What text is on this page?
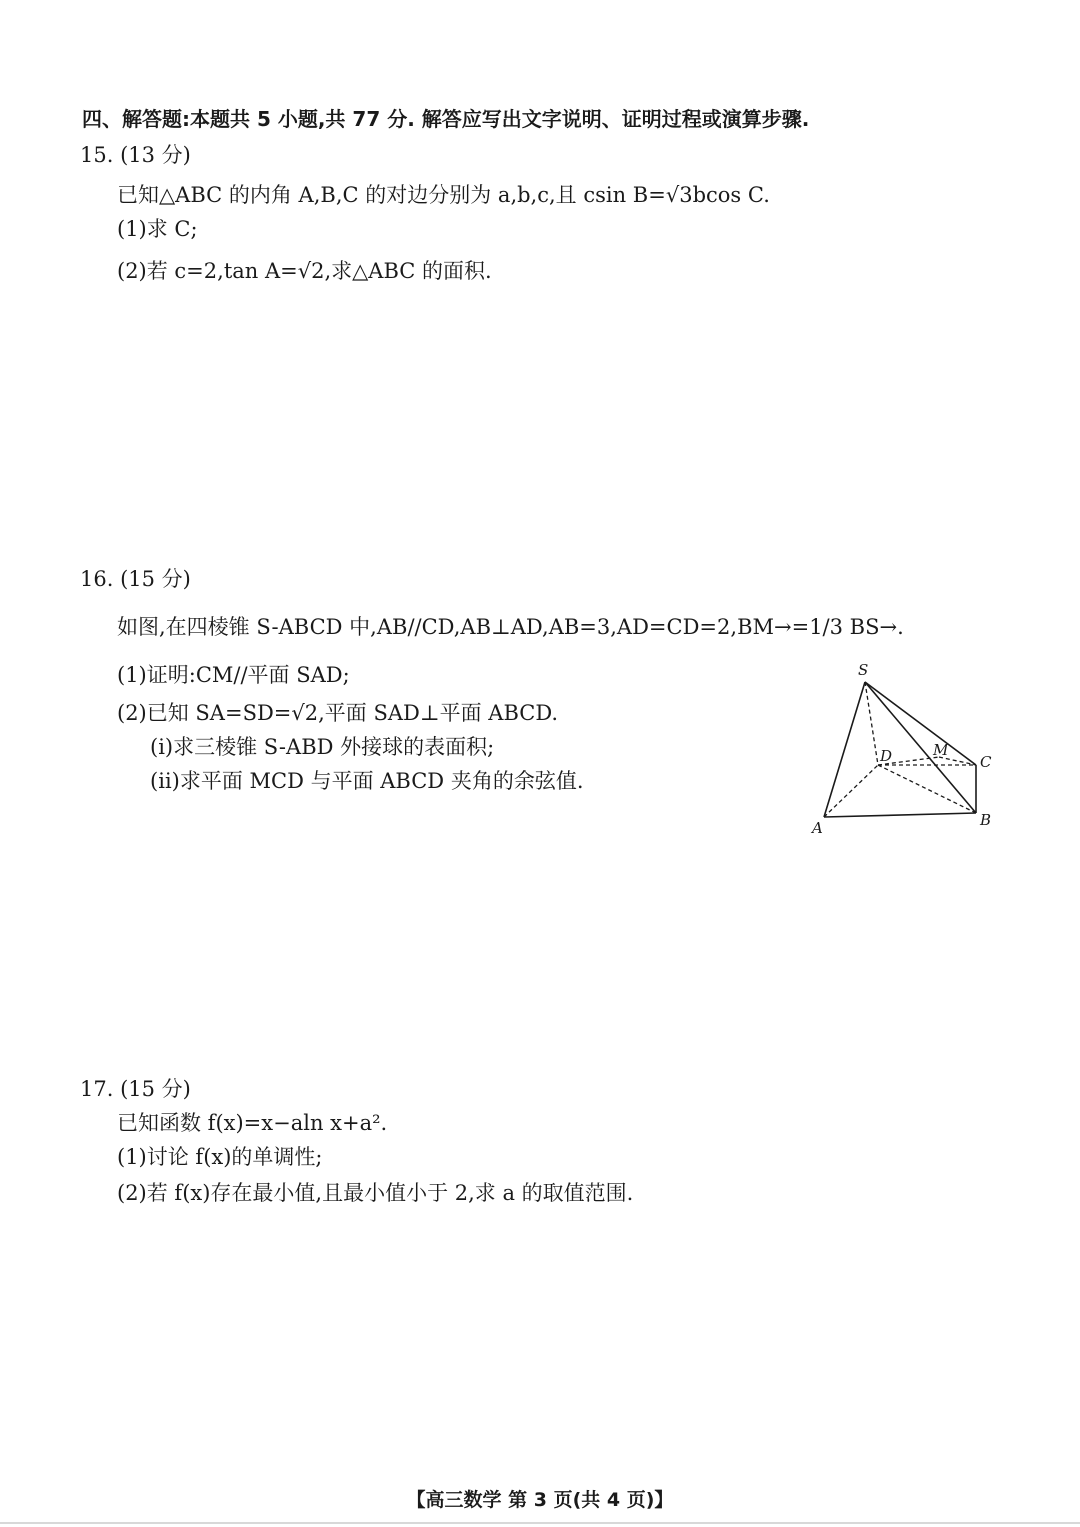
四、解答题:本题共 5 小题,共 77 分. 解答应写出文字说明、证明过程或演算步骤.
15. (13 分)
已知△ABC 的内角 A,B,C 的对边分别为 a,b,c,且 csin B=√3bcos C.
(1)求 C;
(2)若 c=2,tan A=√2,求△ABC 的面积.
16. (15 分)
如图,在四棱锥 S-ABCD 中,AB//CD,AB⊥AD,AB=3,AD=CD=2,BM→=1/3 BS→.
(1)证明:CM//平面 SAD;
(2)已知 SA=SD=√2,平面 SAD⊥平面 ABCD.
(ⅰ)求三棱锥 S-ABD 外接球的表面积;
(ⅱ)求平面 MCD 与平面 ABCD 夹角的余弦值.
S
A	B
C
D	M
17. (15 分)
已知函数 f(x)=x−aln x+a².
(1)讨论 f(x)的单调性;
(2)若 f(x)存在最小值,且最小值小于 2,求 a 的取值范围.
【高三数学 第 3 页(共 4 页)】
